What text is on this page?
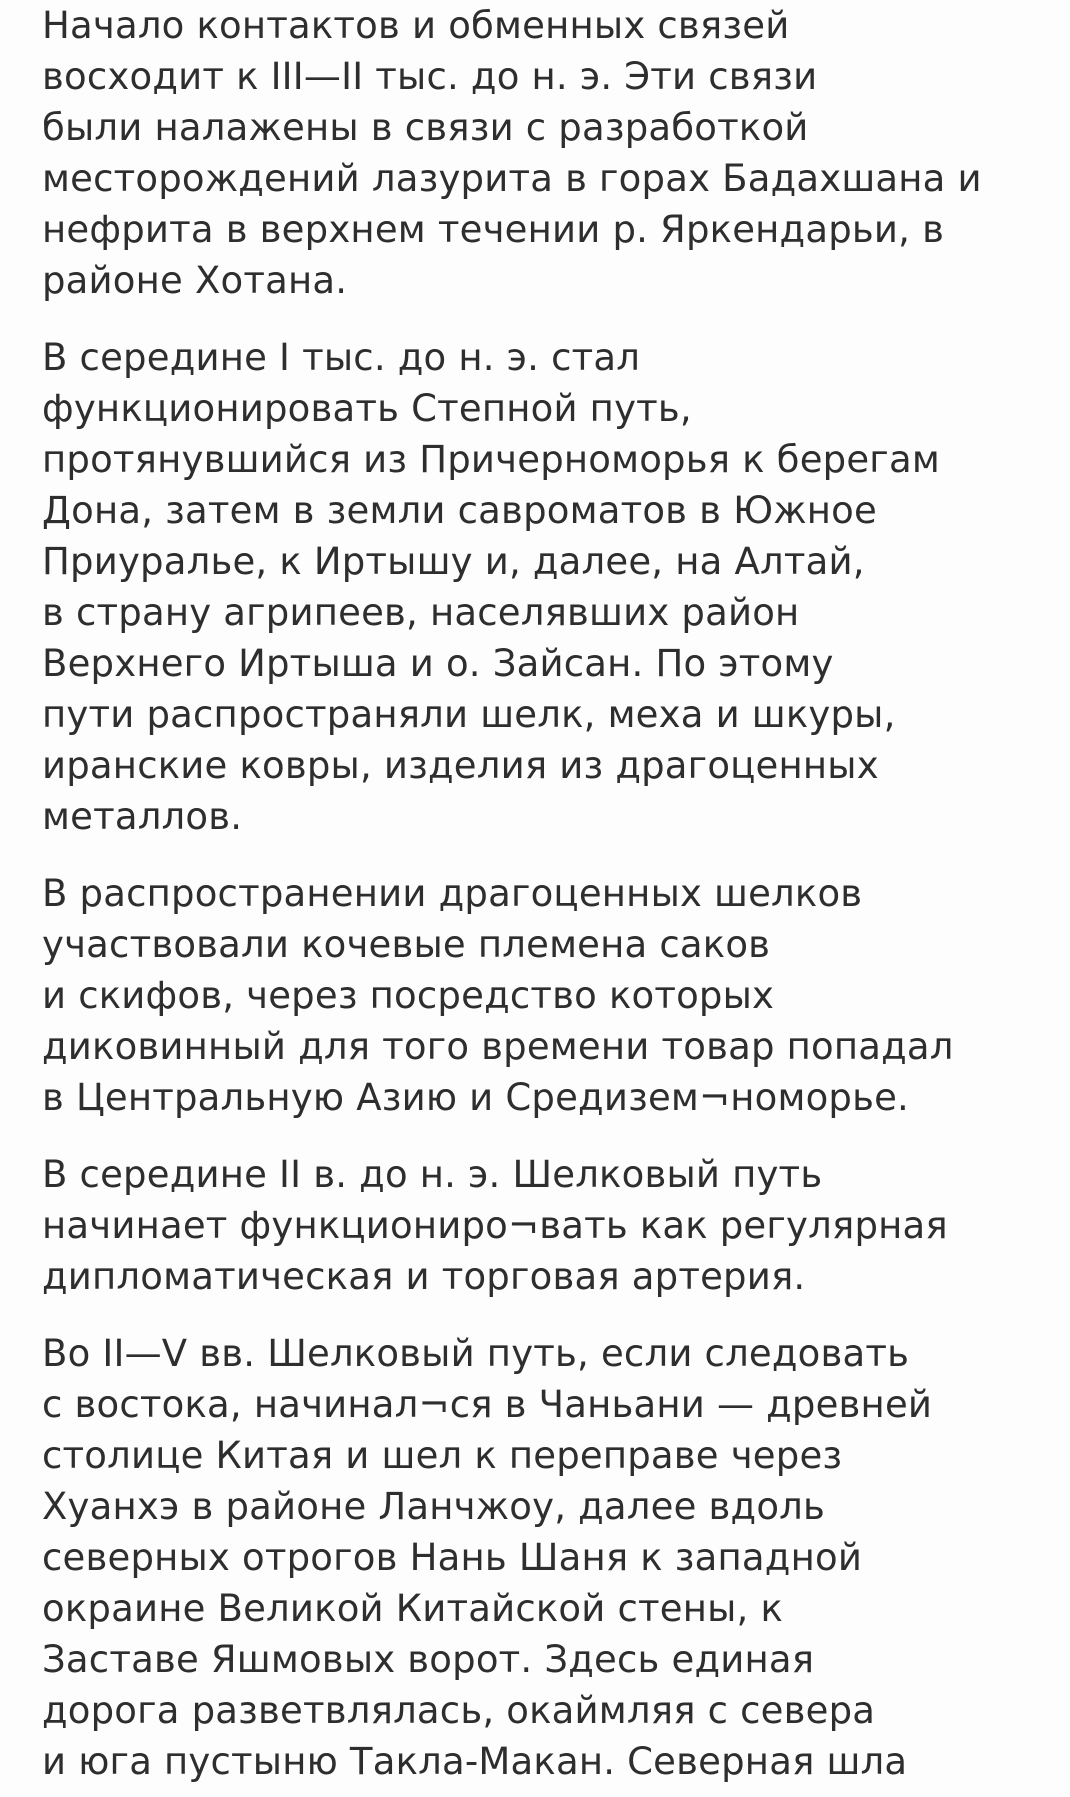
Начало контактов и обменных связей
восходит к III—II тыс. до н. э. Эти связи
были налажены в связи с разработкой
месторождений лазурита в горах Бадахшана и
нефрита в верхнем течении р. Яркендарьи, в
районе Хотана.
В середине I тыс. до н. э. стал
функционировать Степной путь,
протянувшийся из Причерноморья к берегам
Дона, затем в земли савроматов в Южное
Приуралье, к Иртышу и, далее, на Алтай,
в страну агрипеев, населявших район
Верхнего Иртыша и о. Зайсан. По этому
пути распространяли шелк, меха и шкуры,
иранские ковры, изделия из драгоценных
металлов.
В распространении драгоценных шелков
участвовали кочевые племена саков
и скифов, через посредство которых
диковинный для того времени товар попадал
в Центральную Азию и Средизем¬номорье.
В середине II в. до н. э. Шелковый путь
начинает функциониро¬вать как регулярная
дипломатическая и торговая артерия.
Во II—V вв. Шелковый путь, если следовать
с востока, начинал¬ся в Чаньани — древней
столице Китая и шел к переправе через
Хуанхэ в районе Ланчжоу, далее вдоль
северных отрогов Нань Шаня к западной
окраине Великой Китайской стены, к
Заставе Яшмовых ворот. Здесь единая
дорога разветвлялась, окаймляя с севера
и юга пустыню Такла-Макан. Северная шла
